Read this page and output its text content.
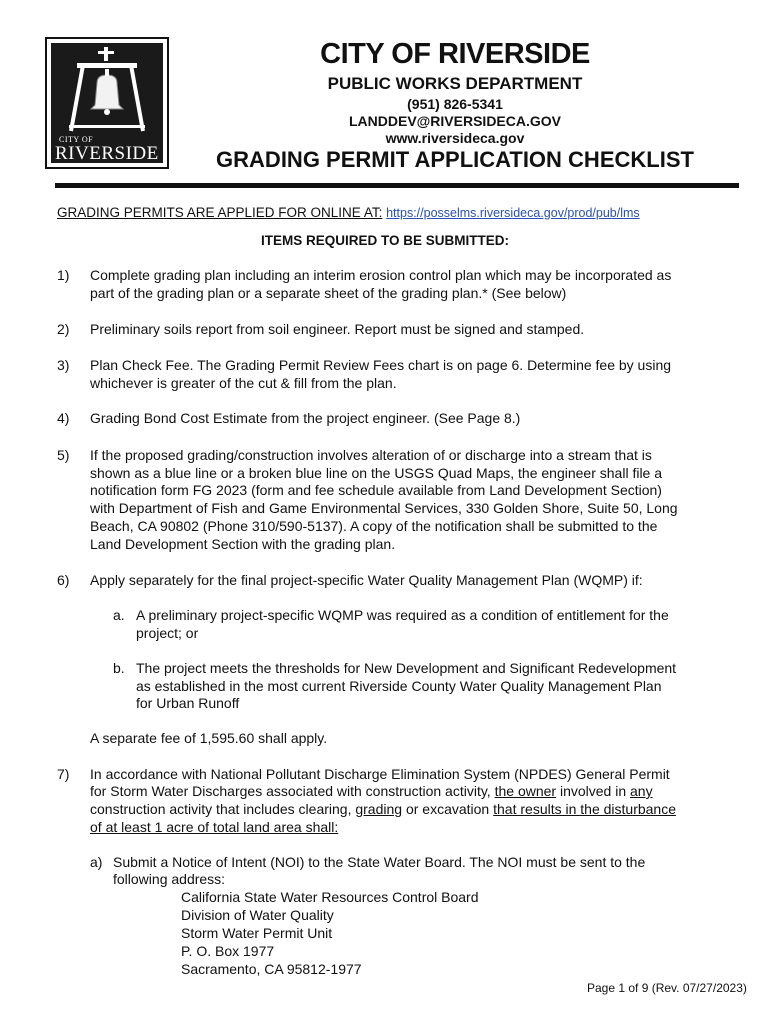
CITY OF
RIVERSIDE
CITY OF RIVERSIDE
PUBLIC WORKS DEPARTMENT
(951) 826-5341
LANDDEV@RIVERSIDECA.GOV
www.riversideca.gov
GRADING PERMIT APPLICATION CHECKLIST
GRADING PERMITS ARE APPLIED FOR ONLINE AT: https://posselms.riversideca.gov/prod/pub/lms
ITEMS REQUIRED TO BE SUBMITTED:
1) Complete grading plan including an interim erosion control plan which may be incorporated as
part of the grading plan or a separate sheet of the grading plan.* (See below)
2) Preliminary soils report from soil engineer. Report must be signed and stamped.
3) Plan Check Fee. The Grading Permit Review Fees chart is on page 6. Determine fee by using
whichever is greater of the cut & fill from the plan.
4) Grading Bond Cost Estimate from the project engineer. (See Page 8.)
5) If the proposed grading/construction involves alteration of or discharge into a stream that is
shown as a blue line or a broken blue line on the USGS Quad Maps, the engineer shall file a
notification form FG 2023 (form and fee schedule available from Land Development Section)
with Department of Fish and Game Environmental Services, 330 Golden Shore, Suite 50, Long
Beach, CA 90802 (Phone 310/590-5137). A copy of the notification shall be submitted to the
Land Development Section with the grading plan.
6) Apply separately for the final project-specific Water Quality Management Plan (WQMP) if:
a. A preliminary project-specific WQMP was required as a condition of entitlement for the
project; or
b. The project meets the thresholds for New Development and Significant Redevelopment
as established in the most current Riverside County Water Quality Management Plan
for Urban Runoff
A separate fee of 1,595.60 shall apply.
7) In accordance with National Pollutant Discharge Elimination System (NPDES) General Permit
for Storm Water Discharges associated with construction activity, the owner involved in any
construction activity that includes clearing, grading or excavation that results in the disturbance
of at least 1 acre of total land area shall:
a) Submit a Notice of Intent (NOI) to the State Water Board. The NOI must be sent to the
following address:
California State Water Resources Control Board
Division of Water Quality
Storm Water Permit Unit
P. O. Box 1977
Sacramento, CA 95812-1977
Page 1 of 9 (Rev. 07/27/2023)
